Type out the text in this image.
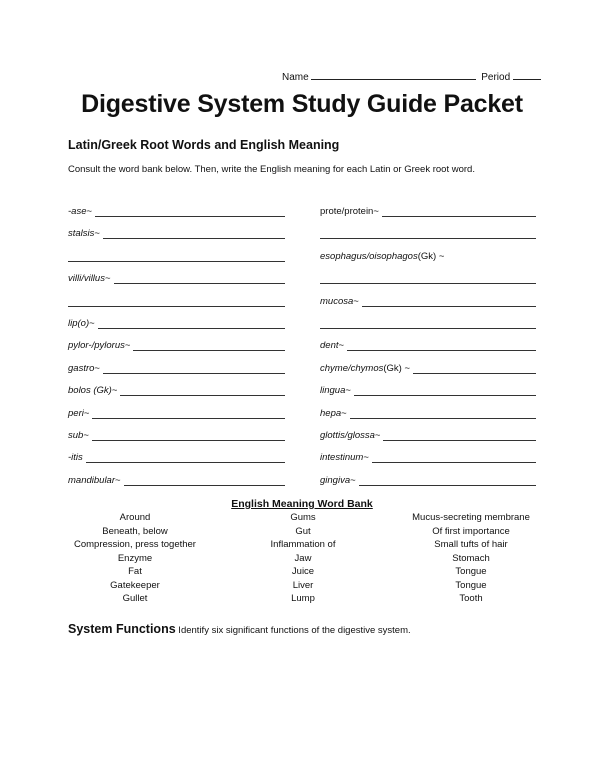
Name	Period
Digestive System Study Guide Packet
Latin/Greek Root Words and English Meaning
Consult the word bank below. Then, write the English meaning for each Latin or Greek root word.
-ase ~
stalsis ~
villi/villus ~
lip(o) ~
pylor-/pylorus ~
gastro ~
bolos (Gk) ~
peri ~
sub ~
-itis
mandibular ~
prote/protein ~
esophagus/oisophagos (Gk) ~
mucosa ~
dent ~
chyme/chymos (Gk) ~
lingua ~
hepa ~
glottis/glossa ~
intestinum ~
gingiva ~
English Meaning Word Bank
Around
Beneath, below
Compression, press together
Enzyme
Fat
Gatekeeper
Gullet
Gums
Gut
Inflammation of
Jaw
Juice
Liver
Lump
Mucus-secreting membrane
Of first importance
Small tufts of hair
Stomach
Tongue
Tongue
Tooth
System Functions Identify six significant functions of the digestive system.
